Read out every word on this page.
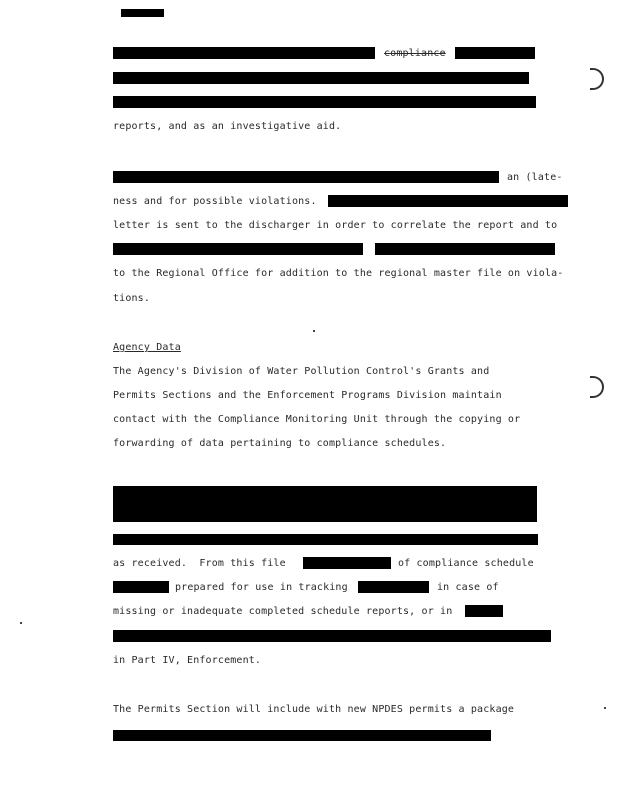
compliance
reports, and as an investigative aid.
an (late-
ness and for possible violations.
letter is sent to the discharger in order to correlate the report and to
to the Regional Office for addition to the regional master file on viola-
tions.
Agency Data
The Agency's Division of Water Pollution Control's Grants and
Permits Sections and the Enforcement Programs Division maintain
contact with the Compliance Monitoring Unit through the copying or
forwarding of data pertaining to compliance schedules.
as received.  From this file	of compliance schedule
prepared for use in tracking	in case of
missing or inadequate completed schedule reports, or in
in Part IV, Enforcement.
The Permits Section will include with new NPDES permits a package
